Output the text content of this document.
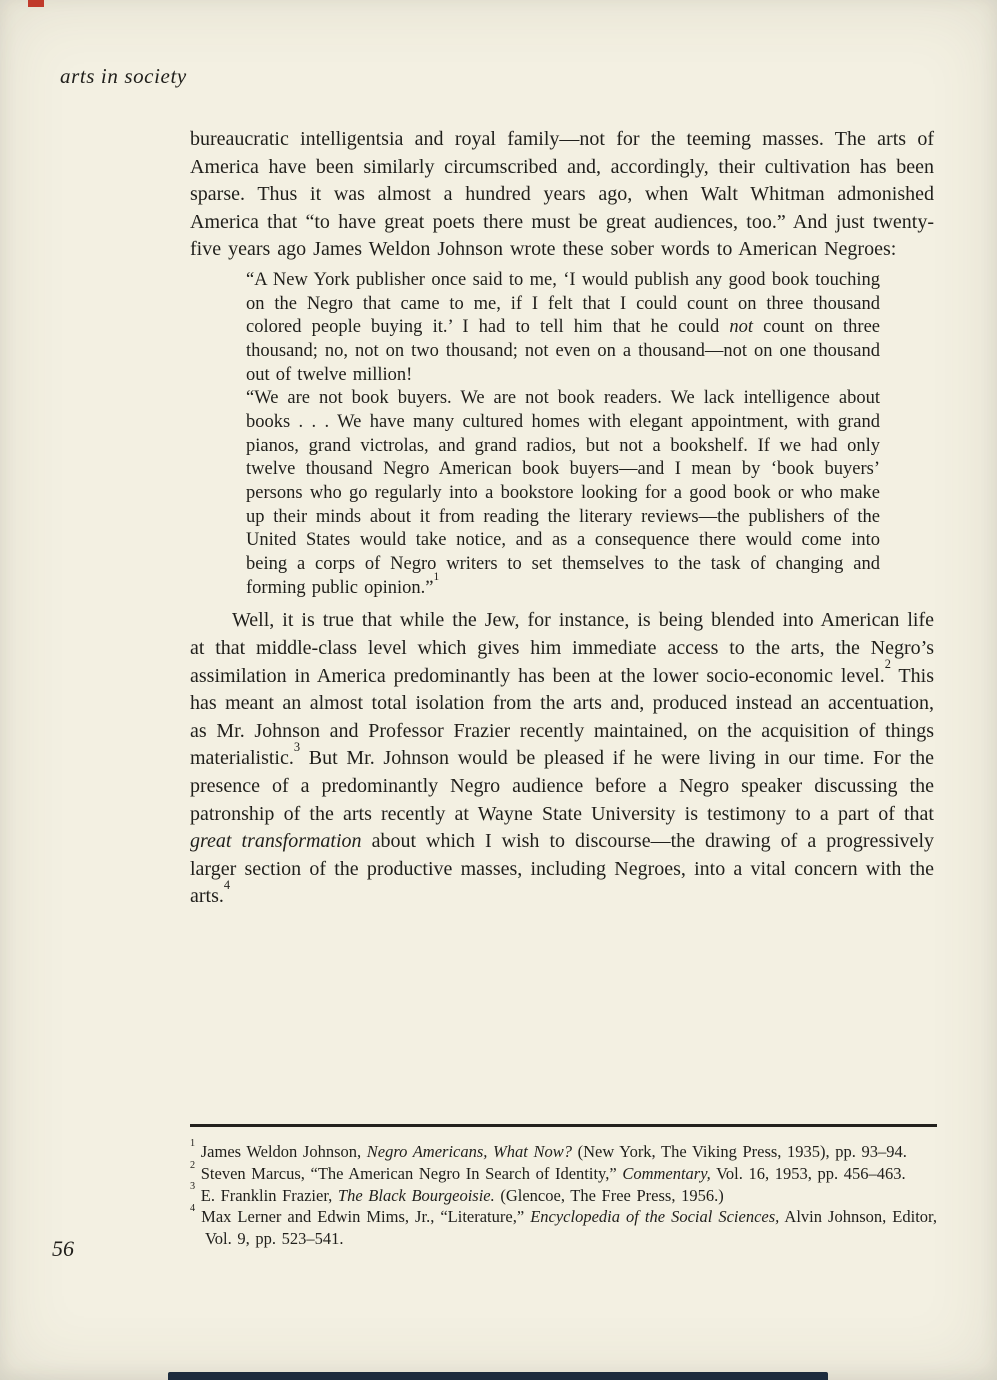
arts in society

bureaucratic intelligentsia and royal family—not for the teeming masses. The arts of America have been similarly circumscribed and, accordingly, their cultivation has been sparse. Thus it was almost a hundred years ago, when Walt Whitman admonished America that “to have great poets there must be great audiences, too.” And just twenty-five years ago James Weldon Johnson wrote these sober words to American Negroes:

“A New York publisher once said to me, ‘I would publish any good book touching on the Negro that came to me, if I felt that I could count on three thousand colored people buying it.’ I had to tell him that he could not count on three thousand; no, not on two thousand; not even on a thousand—not on one thousand out of twelve million!

“We are not book buyers. We are not book readers. We lack intelligence about books . . . We have many cultured homes with elegant appointment, with grand pianos, grand victrolas, and grand radios, but not a bookshelf. If we had only twelve thousand Negro American book buyers—and I mean by ‘book buyers’ persons who go regularly into a bookstore looking for a good book or who make up their minds about it from reading the literary reviews—the publishers of the United States would take notice, and as a consequence there would come into being a corps of Negro writers to set themselves to the task of changing and forming public opinion.”$^1$

Well, it is true that while the Jew, for instance, is being blended into American life at that middle-class level which gives him immediate access to the arts, the Negro’s assimilation in America predominantly has been at the lower socio-economic level.$^2$ This has meant an almost total isolation from the arts and, produced instead an accentuation, as Mr. Johnson and Professor Frazier recently maintained, on the acquisition of things materialistic.$^3$ But Mr. Johnson would be pleased if he were living in our time. For the presence of a predominantly Negro audience before a Negro speaker discussing the patronship of the arts recently at Wayne State University is testimony to a part of that great transformation about which I wish to discourse—the drawing of a progressively larger section of the productive masses, including Negroes, into a vital concern with the arts.$^4$

$^1$ James Weldon Johnson, Negro Americans, What Now? (New York, The Viking Press, 1935), pp. 93–94.

$^2$ Steven Marcus, “The American Negro In Search of Identity,” Commentary, Vol. 16, 1953, pp. 456–463.

$^3$ E. Franklin Frazier, The Black Bourgeoisie. (Glencoe, The Free Press, 1956.)

$^4$ Max Lerner and Edwin Mims, Jr., “Literature,” Encyclopedia of the Social Sciences, Alvin Johnson, Editor, Vol. 9, pp. 523–541.

56
